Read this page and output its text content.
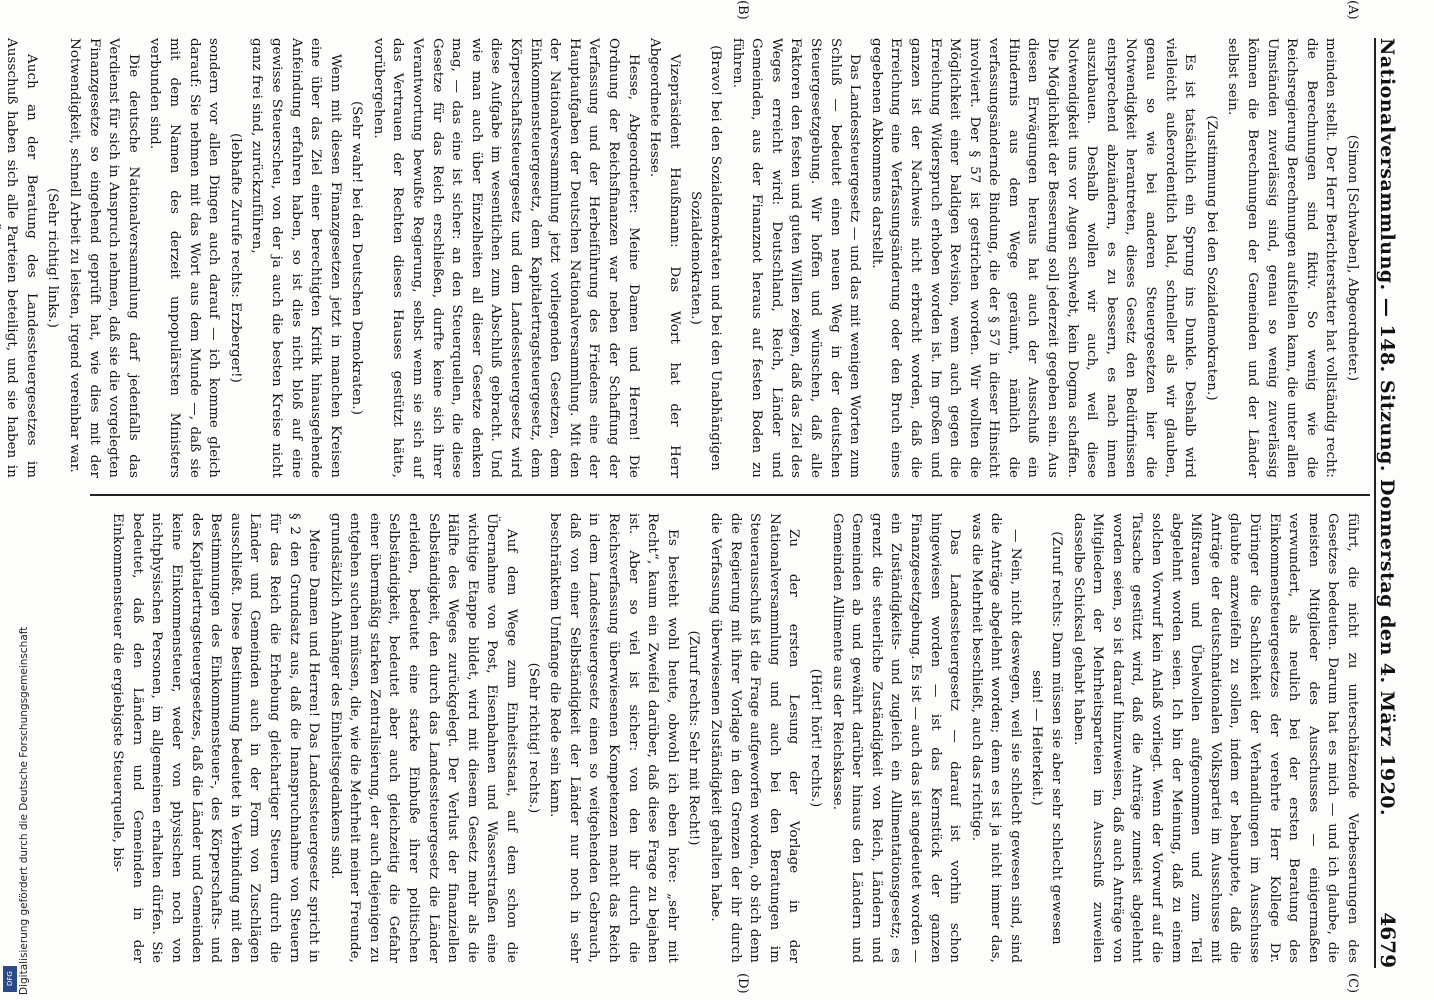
Digitalisierung gefördert durch die Deutsche Forschungsgemeinschaft
DFG
Nationalversammlung. — 148. Sitzung. Donnerstag den 4. März 1920.
4679
(A)
(B)
(C)
(D)

(Simon [Schwaben], Abgeordneter.)

meinden stellt. Der Herr Berichterstatter hat vollständig recht: die Berechnungen sind fiktiv. So wenig wie die Reichsregierung Berechnungen aufstellen kann, die unter allen Umständen zuverlässig sind, genau so wenig zuverlässig können die Berechnungen der Gemeinden und der Länder selbst sein.

(Zustimmung bei den Sozialdemokraten.)

Es ist tatsächlich ein Sprung ins Dunkle. Deshalb wird vielleicht außerordentlich bald, schneller als wir glauben, genau so wie bei anderen Steuergesetzen hier die Notwendigkeit herantreten, dieses Gesetz den Bedürfnissen entsprechend abzuändern, es zu bessern, es nach innen auszubauen. Deshalb wollen wir auch, weil diese Notwendigkeit uns vor Augen schwebt, kein Dogma schaffen. Die Möglichkeit der Besserung soll jederzeit gegeben sein. Aus diesen Erwägungen heraus hat auch der Ausschuß ein Hindernis aus dem Wege geräumt, nämlich die verfassungsändernde Bindung, die der § 57 in dieser Hinsicht involviert. Der § 57 ist gestrichen worden. Wir wollten die Möglichkeit einer baldigen Revision, wenn auch gegen die Erreichung Widerspruch erhoben worden ist. Im großen und ganzen ist der Nachweis nicht erbracht worden, daß die Erreichung eine Verfassungsänderung oder den Bruch eines gegebenen Abkommens darstellt.

Das Landessteuergesetz — und das mit wenigen Worten zum Schluß — bedeutet einen neuen Weg in der deutschen Steuergesetzgebung. Wir hoffen und wünschen, daß alle Faktoren den festen und guten Willen zeigen, daß das Ziel des Weges erreicht wird: Deutschland, Reich, Länder und Gemeinden, aus der Finanznot heraus auf festen Boden zu führen.

(Bravo! bei den Sozialdemokraten und bei den Unabhängigen Sozialdemokraten.)

Vizepräsident Haußmann: Das Wort hat der Herr Abgeordnete Hesse.

Hesse, Abgeordneter: Meine Damen und Herren! Die Ordnung der Reichsfinanzen war neben der Schaffung der Verfassung und der Herbeiführung des Friedens eine der Hauptaufgaben der Deutschen Nationalversammlung. Mit den der Nationalversammlung jetzt vorliegenden Gesetzen, dem Einkommensteuergesetz, dem Kapitalertragsteuergesetz, dem Körperschaftssteuergesetz und dem Landessteuergesetz wird diese Aufgabe im wesentlichen zum Abschluß gebracht. Und wie man auch über Einzelheiten all dieser Gesetze denken mag, — das eine ist sicher: an den Steuerquellen, die diese Gesetze für das Reich erschließen, durfte keine sich ihrer Verantwortung bewußte Regierung, selbst wenn sie sich auf das Vertrauen der Rechten dieses Hauses gestützt hätte, vorübergehen.

(Sehr wahr! bei den Deutschen Demokraten.)

Wenn mit diesen Finanzgesetzen jetzt in manchen Kreisen eine über das Ziel einer berechtigten Kritik hinausgehende Anfeindung erfahren haben, so ist dies nicht bloß auf eine gewisse Steuerscheu, von der ja auch die besten Kreise nicht ganz frei sind, zurückzuführen,

(lebhafte Zurufe rechts: Erzberger!)

sondern vor allen Dingen auch darauf — ich komme gleich darauf: Sie nehmen mit das Wort aus dem Munde —, daß sie mit dem Namen des derzeit unpopulärsten Ministers verbunden sind.

Die deutsche Nationalversammlung darf jedenfalls das Verdienst für sich in Anspruch nehmen, daß sie die vorgelegten Finanzgesetze so eingehend geprüft hat, wie dies mit der Notwendigkeit, schnell Arbeit zu leisten, irgend vereinbar war.

(Sehr richtig! links.)

Auch an der Beratung des Landessteuergesetzes im Ausschuß haben sich alle Parteien beteiligt, und sie haben in

führt, die nicht zu unterschätzende Verbesserungen des Gesetzes bedeuten. Darum hat es mich — und ich glaube, die meisten Mitglieder des Ausschusses — einigermaßen verwundert, als neulich bei der ersten Beratung des Einkommensteuergesetzes der verehrte Herr Kollege Dr. Düringer die Sachlichkeit der Verhandlungen im Ausschusse glaubte anzweifeln zu sollen, indem er behauptete, daß die Anträge der deutschnationalen Volkspartei im Ausschusse mit Mißtrauen und Übelwollen aufgenommen und zum Teil abgelehnt worden seien. Ich bin der Meinung, daß zu einem solchen Vorwurf kein Anlaß vorliegt. Wenn der Vorwurf auf die Tatsache gestützt wird, daß die Anträge zumeist abgelehnt worden seien, so ist darauf hinzuweisen, daß auch Anträge von Mitgliedern der Mehrheitsparteien im Ausschuß zuweilen dasselbe Schicksal gehabt haben.

(Zuruf rechts: Dann müssen sie aber sehr schlecht gewesen sein! — Heiterkeit.)

— Nein, nicht deswegen, weil sie schlecht gewesen sind, sind die Anträge abgelehnt worden; denn es ist ja nicht immer das, was die Mehrheit beschließt, auch das richtige.

Das Landessteuergesetz — darauf ist vorhin schon hingewiesen worden — ist das Kernstück der ganzen Finanzgesetzgebung. Es ist — auch das ist angedeutet worden — ein Zuständigkeits- und zugleich ein Allimentationsgesetz; es grenzt die steuerliche Zuständigkeit von Reich, Ländern und Gemeinden ab und gewährt darüber hinaus den Ländern und Gemeinden Allimente aus der Reichskasse.

(Hört! hört! rechts.)

Zu der ersten Lesung der Vorlage in der Nationalversammlung und auch bei den Beratungen im Steuerausschuß ist die Frage aufgeworfen worden, ob sich denn die Regierung mit ihrer Vorlage in den Grenzen der ihr durch die Verfassung überwiesenen Zuständigkeit gehalten habe.

(Zuruf rechts: Sehr mit Recht!)

Es besteht wohl heute, obwohl ich eben höre: „sehr mit Recht“, kaum ein Zweifel darüber, daß diese Frage zu bejahen ist. Aber so viel ist sicher: von den ihr durch die Reichsverfassung überwiesenen Kompetenzen macht das Reich in dem Landessteuergesetz einen so weitgehenden Gebrauch, daß von einer Selbständigkeit der Länder nur noch in sehr beschränktem Umfange die Rede sein kann.

(Sehr richtig! rechts.)

Auf dem Wege zum Einheitsstaat, auf dem schon die Übernahme von Post, Eisenbahnen und Wasserstraßen eine wichtige Etappe bildet, wird mit diesem Gesetz mehr als die Hälfte des Weges zurückgelegt. Der Verlust der finanziellen Selbständigkeit, den durch das Landessteuergesetz die Länder erleiden, bedeutet eine starke Einbuße ihrer politischen Selbständigkeit, bedeutet aber auch gleichzeitig die Gefahr einer übermäßig starken Zentralisierung, der auch diejenigen zu entgehen suchen müssen, die, wie die Mehrheit meiner Freunde, grundsätzlich Anhänger des Einheitsgedankens sind.

Meine Damen und Herren! Das Landessteuergesetz spricht in § 2 den Grundsatz aus, daß die Inanspruchnahme von Steuern für das Reich die Erhebung gleichartiger Steuern durch die Länder und Gemeinden auch in der Form von Zuschlägen ausschließt. Diese Bestimmung bedeutet in Verbindung mit den Bestimmungen des Einkommensteuer-, des Körperschafts- und des Kapitalertragsteuergesetzes, daß die Länder und Gemeinden keine Einkommensteuer, weder von physischen noch von nichtphysischen Personen, im allgemeinen erhalten dürfen. Sie bedeutet, daß den Ländern und Gemeinden in der Einkommensteuer die ergiebigste Steuerquelle, bis-
